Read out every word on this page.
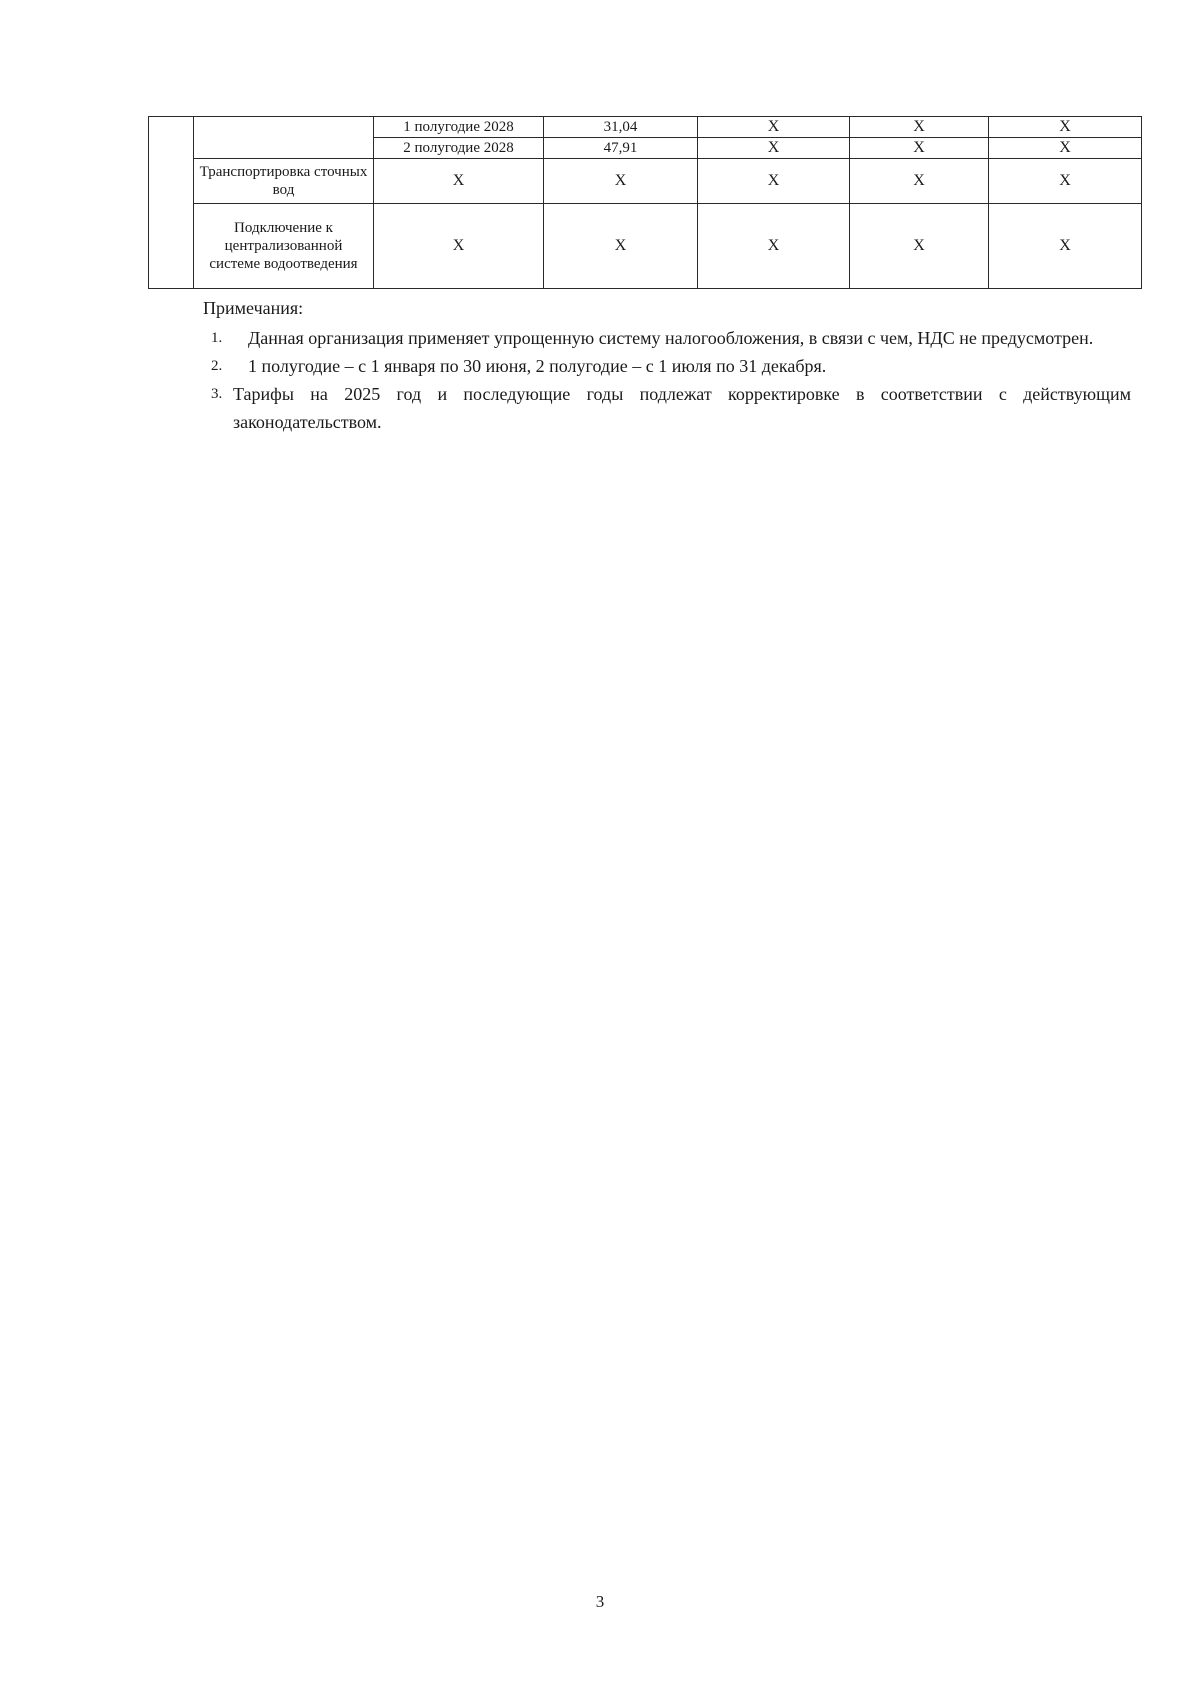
		1 полугодие 2028	31,04	Х	Х	Х
		2 полугодие 2028	47,91	Х	Х	Х
	Транспортировка сточных вод	Х	Х	Х	Х	Х
	Подключение к централизованной системе водоотведения	Х	Х	Х	Х	Х
Примечания:
1.	Данная организация применяет упрощенную систему налогообложения, в связи с чем, НДС не предусмотрен.
2.	1 полугодие – с 1 января по 30 июня, 2 полугодие – с 1 июля по 31 декабря.
3. Тарифы на 2025 год и последующие годы подлежат корректировке в соответствии с действующим законодательством.
3
